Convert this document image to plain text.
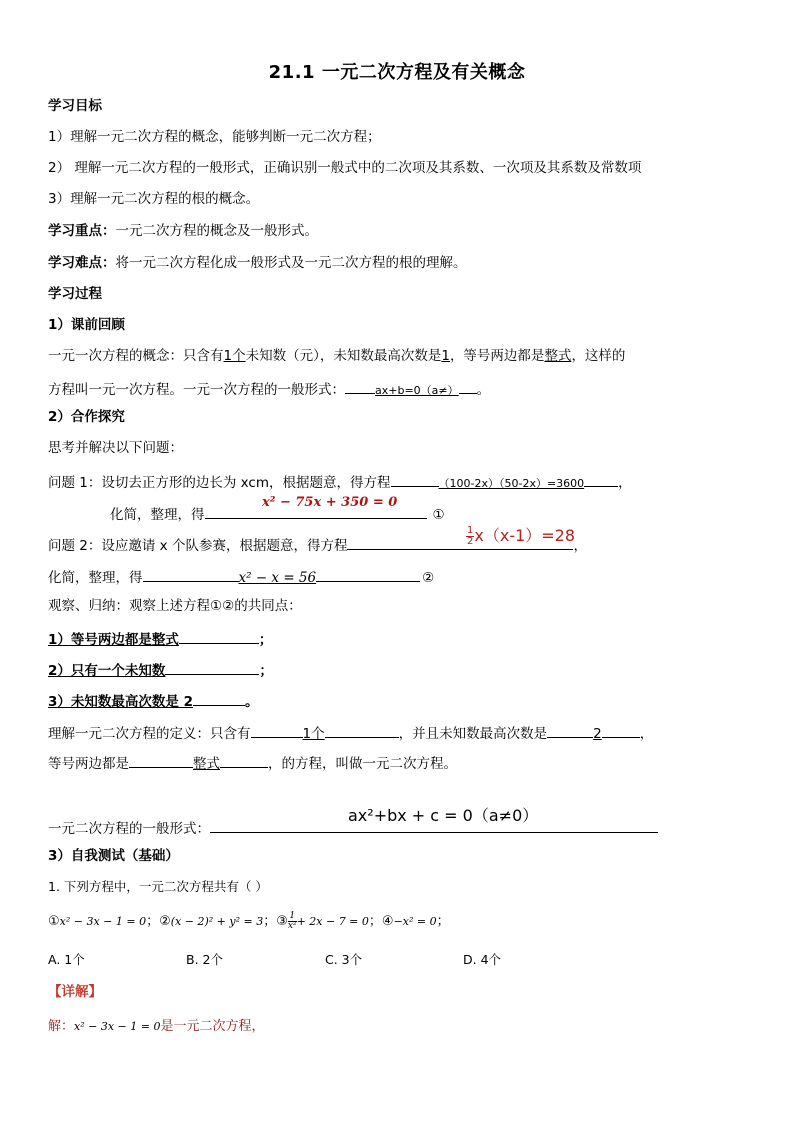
21.1 一元二次方程及有关概念
学习目标
1）理解一元二次方程的概念，能够判断一元二次方程；
2） 理解一元二次方程的一般形式，正确识别一般式中的二次项及其系数、一次项及其系数及常数项
3）理解一元二次方程的根的概念。
学习重点：一元二次方程的概念及一般形式。
学习难点：将一元二次方程化成一般形式及一元二次方程的根的理解。
学习过程
1）课前回顾
一元一次方程的概念：只含有1个未知数（元），未知数最高次数是1，等号两边都是整式，这样的
方程叫一元一次方程。一元一次方程的一般形式：	ax+b=0（a≠） 。
2）合作探究
思考并解决以下问题：
问题 1：设切去正方形的边长为 xcm，根据题意，得方程	（100-2x）（50-2x）=3600	，
化简，整理，得	①
x² − 75x + 350 = 0
问题 2：设应邀请 x 个队参赛，根据题意，得方程	，
$\frac{1}{2} x(x-1)=28$
化简，整理，得	x² − x = 56	②
观察、归纳：观察上述方程①②的共同点：
1）等号两边都是整式	；
2）只有一个未知数	；
3）未知数最高次数是 2	。
理解一元二次方程的定义：只含有	1个	，并且未知数最高次数是	2	，
等号两边都是	整式	，的方程，叫做一元二次方程。
一元二次方程的一般形式：
ax²+bx + c = 0（a≠0）
3）自我测试（基础）
1. 下列方程中，一元二次方程共有（ ）
①x² − 3x − 1 = 0；②(x − 2)² + y² = 3；③ $\frac{1}{\text{x²}} + 2x - 7 = 0$；④−x² = 0；
A. 1个	B. 2个	C. 3个	D. 4个
【详解】
解：x² − 3x − 1 = 0是一元二次方程，
